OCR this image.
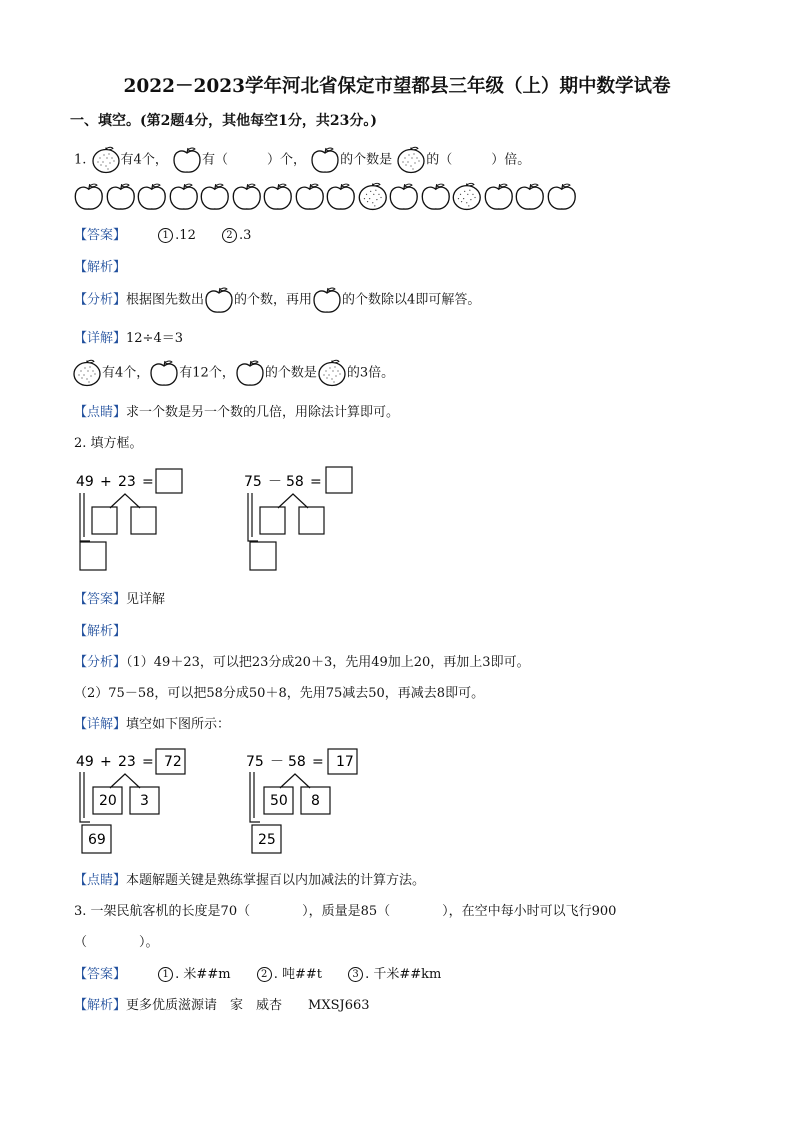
2022－2023学年河北省保定市望都县三年级（上）期中数学试卷
一、填空。(第2题4分，其他每空1分，共23分。)
1.	有4个，	有（　　　）个，	的个数是	的（　　　）倍。
【答案】	1 .12	2 .3
【解析】
【分析】根据图先数出 的个数，再用 的个数除以4即可解答。
【详解】12÷4＝3
有4个， 有12个， 的个数是 的3倍。
【点睛】求一个数是另一个数的几倍，用除法计算即可。
2. 填方框。
49 + 23 =	75 － 58 =
【答案】见详解
【解析】
【分析】（1）49＋23，可以把23分成20＋3，先用49加上20，再加上3即可。
（2）75－58，可以把58分成50＋8，先用75减去50，再减去8即可。
【详解】填空如下图所示：
49 + 23 = 72
20 3
69
75 － 58 = 17
50 8
25
【点睛】本题解题关键是熟练掌握百以内加减法的计算方法。
3. 一架民航客机的长度是70（　　　　），质量是85（　　　　），在空中每小时可以飞行900
（　　　　）。
【答案】	1 . 米##m	2 . 吨##t	3 . 千米##km
【解析】更多优质滋源请　家　威杏　　MXSJ663
